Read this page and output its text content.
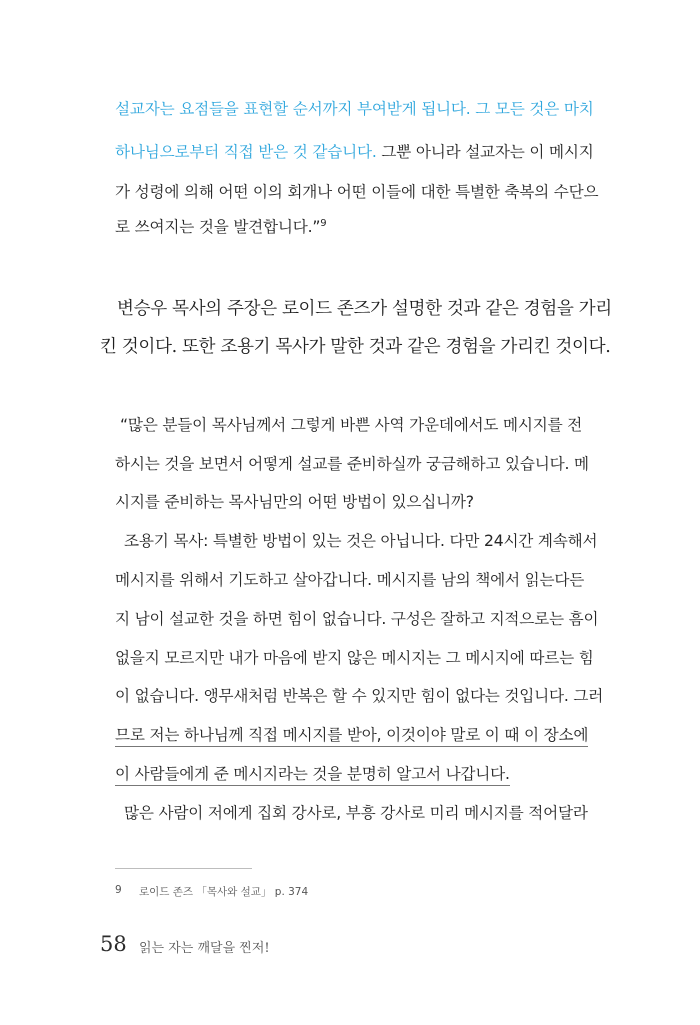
설교자는 요점들을 표현할 순서까지 부여받게 됩니다. 그 모든 것은 마치
하나님으로부터 직접 받은 것 같습니다. 그뿐 아니라 설교자는 이 메시지
가 성령에 의해 어떤 이의 회개나 어떤 이들에 대한 특별한 축복의 수단으
로 쓰여지는 것을 발견합니다.”$^9$
변승우 목사의 주장은 로이드 존즈가 설명한 것과 같은 경험을 가리
킨 것이다. 또한 조용기 목사가 말한 것과 같은 경험을 가리킨 것이다.
“많은 분들이 목사님께서 그렇게 바쁜 사역 가운데에서도 메시지를 전
하시는 것을 보면서 어떻게 설교를 준비하실까 궁금해하고 있습니다. 메
시지를 준비하는 목사님만의 어떤 방법이 있으십니까?
조용기 목사: 특별한 방법이 있는 것은 아닙니다. 다만 24시간 계속해서
메시지를 위해서 기도하고 살아갑니다. 메시지를 남의 책에서 읽는다든
지 남이 설교한 것을 하면 힘이 없습니다. 구성은 잘하고 지적으로는 흠이
없을지 모르지만 내가 마음에 받지 않은 메시지는 그 메시지에 따르는 힘
이 없습니다. 앵무새처럼 반복은 할 수 있지만 힘이 없다는 것입니다. 그러
므로 저는 하나님께 직접 메시지를 받아, 이것이야 말로 이 때 이 장소에
이 사람들에게 준 메시지라는 것을 분명히 알고서 나갑니다.
많은 사람이 저에게 집회 강사로, 부흥 강사로 미리 메시지를 적어달라
9 로이드 존즈 「목사와 설교」 p. 374
58 읽는 자는 깨달을 찐저!
